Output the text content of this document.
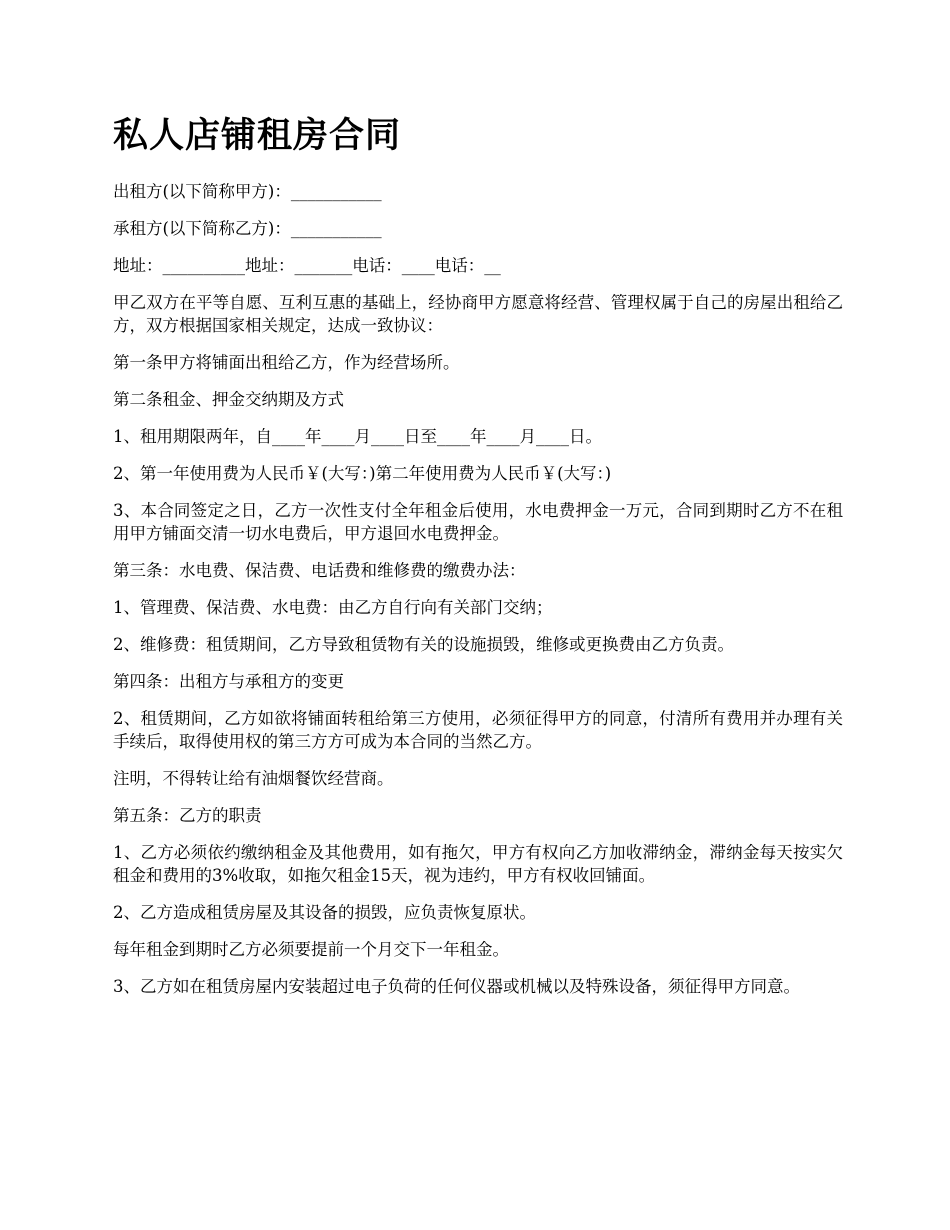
私人店铺租房合同

出租方(以下简称甲方)：___________

承租方(以下简称乙方)：___________

地址：__________地址：_______电话：____电话：__

甲乙双方在平等自愿、互利互惠的基础上，经协商甲方愿意将经营、管理权属于自己的房屋出租给乙方，双方根据国家相关规定，达成一致协议：

第一条甲方将铺面出租给乙方，作为经营场所。

第二条租金、押金交纳期及方式

1、租用期限两年，自____年____月____日至____年____月____日。

2、第一年使用费为人民币￥(大写：)第二年使用费为人民币￥(大写：)

3、本合同签定之日，乙方一次性支付全年租金后使用，水电费押金一万元，合同到期时乙方不在租用甲方铺面交清一切水电费后，甲方退回水电费押金。

第三条：水电费、保洁费、电话费和维修费的缴费办法：

1、管理费、保洁费、水电费：由乙方自行向有关部门交纳；

2、维修费：租赁期间，乙方导致租赁物有关的设施损毁，维修或更换费由乙方负责。

第四条：出租方与承租方的变更

2、租赁期间，乙方如欲将铺面转租给第三方使用，必须征得甲方的同意，付清所有费用并办理有关手续后，取得使用权的第三方方可成为本合同的当然乙方。

注明，不得转让给有油烟餐饮经营商。

第五条：乙方的职责

1、乙方必须依约缴纳租金及其他费用，如有拖欠，甲方有权向乙方加收滞纳金，滞纳金每天按实欠租金和费用的3%收取，如拖欠租金15天，视为违约，甲方有权收回铺面。

2、乙方造成租赁房屋及其设备的损毁，应负责恢复原状。

每年租金到期时乙方必须要提前一个月交下一年租金。

3、乙方如在租赁房屋内安装超过电子负荷的任何仪器或机械以及特殊设备，须征得甲方同意。
